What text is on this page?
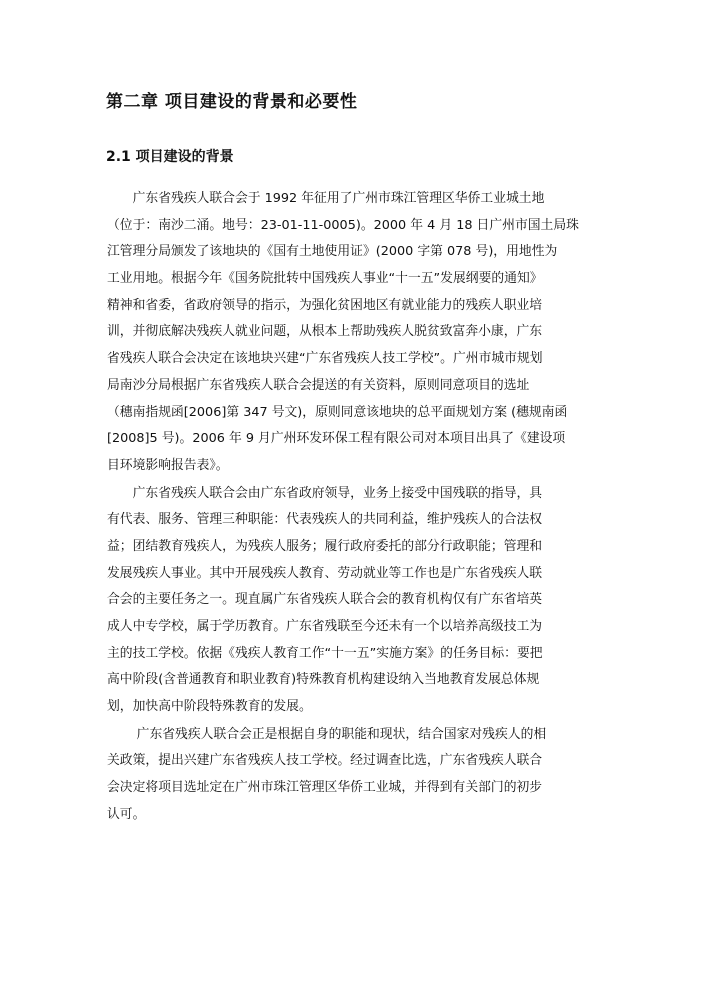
第二章 项目建设的背景和必要性
2.1 项目建设的背景
　　广东省残疾人联合会于 1992 年征用了广州市珠江管理区华侨工业城土地
（位于：南沙二涌。地号：23-01-11-0005)。2000 年 4 月 18 日广州市国土局珠
江管理分局颁发了该地块的《国有土地使用证》(2000 字第 078 号)，用地性为
工业用地。根据今年《国务院批转中国残疾人事业“十一五”发展纲要的通知》
精神和省委，省政府领导的指示，为强化贫困地区有就业能力的残疾人职业培
训，并彻底解决残疾人就业问题，从根本上帮助残疾人脱贫致富奔小康，广东
省残疾人联合会决定在该地块兴建“广东省残疾人技工学校”。广州市城市规划
局南沙分局根据广东省残疾人联合会提送的有关资料，原则同意项目的选址
（穗南指规函[2006]第 347 号文)，原则同意该地块的总平面规划方案 (穗规南函
[2008]5 号)。2006 年 9 月广州环发环保工程有限公司对本项目出具了《建设项
目环境影响报告表》。
　　广东省残疾人联合会由广东省政府领导，业务上接受中国残联的指导，具
有代表、服务、管理三种职能：代表残疾人的共同利益，维护残疾人的合法权
益；团结教育残疾人，为残疾人服务；履行政府委托的部分行政职能；管理和
发展残疾人事业。其中开展残疾人教育、劳动就业等工作也是广东省残疾人联
合会的主要任务之一。现直属广东省残疾人联合会的教育机构仅有广东省培英
成人中专学校，属于学历教育。广东省残联至今还未有一个以培养高级技工为
主的技工学校。依据《残疾人教育工作“十一五”实施方案》的任务目标：要把
高中阶段(含普通教育和职业教育)特殊教育机构建设纳入当地教育发展总体规
划，加快高中阶段特殊教育的发展。
　　 广东省残疾人联合会正是根据自身的职能和现状，结合国家对残疾人的相
关政策，提出兴建广东省残疾人技工学校。经过调查比选，广东省残疾人联合
会决定将项目选址定在广州市珠江管理区华侨工业城，并得到有关部门的初步
认可。
